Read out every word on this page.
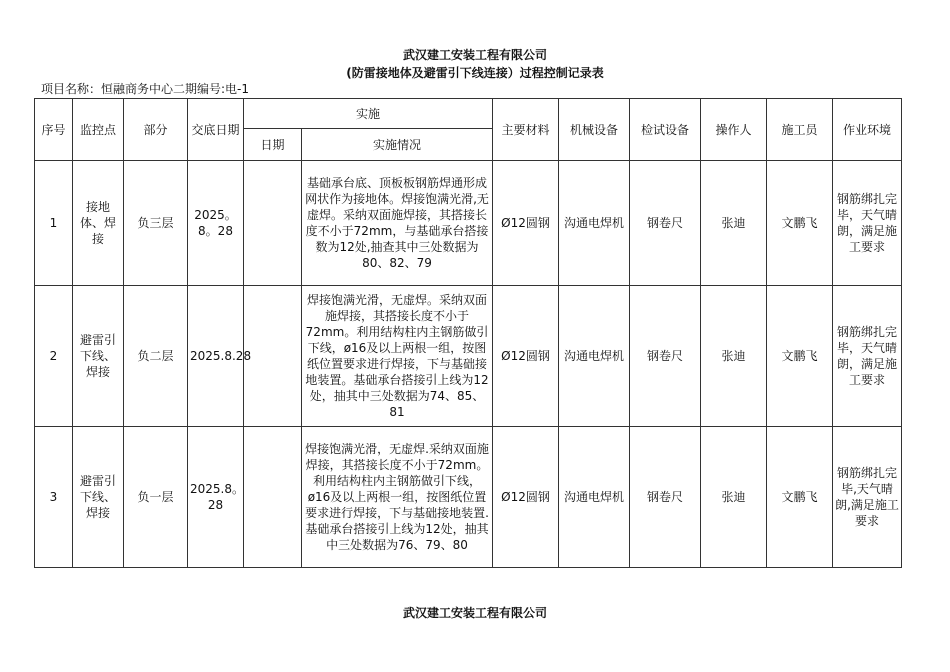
武汉建工安装工程有限公司
(防雷接地体及避雷引下线连接）过程控制记录表
项目名称：恒融商务中心二期编号:电-1
序号	监控点	部分	交底日期	实施		主要材料	机械设备	检试设备	操作人	施工员	作业环境
				日期	实施情况						
1	接地体、焊接	负三层	2025。8。28		基础承台底、顶板板钢筋焊通形成网状作为接地体。焊接饱满光滑,无虚焊。采纳双面施焊接，其搭接长度不小于72mm，与基础承台搭接数为12处,抽查其中三处数据为80、82、79	Ø12圆钢	沟通电焊机	钢卷尺	张迪	文鹏飞	钢筋绑扎完毕，天气晴朗，满足施工要求
2	避雷引下线、焊接	负二层	2025.8.28		焊接饱满光滑，无虚焊。采纳双面施焊接，其搭接长度不小于72mm。利用结构柱内主钢筋做引下线，ø16及以上两根一组，按图纸位置要求进行焊接，下与基础接地装置。基础承台搭接引上线为12处，抽其中三处数据为74、85、81	Ø12圆钢	沟通电焊机	钢卷尺	张迪	文鹏飞	钢筋绑扎完毕，天气晴朗，满足施工要求
3	避雷引下线、焊接	负一层	2025.8。28		焊接饱满光滑，无虚焊.采纳双面施焊接，其搭接长度不小于72mm。利用结构柱内主钢筋做引下线，ø16及以上两根一组，按图纸位置要求进行焊接，下与基础接地装置.基础承台搭接引上线为12处，抽其中三处数据为76、79、80	Ø12圆钢	沟通电焊机	钢卷尺	张迪	文鹏飞	钢筋绑扎完毕,天气晴朗,满足施工要求
武汉建工安装工程有限公司
